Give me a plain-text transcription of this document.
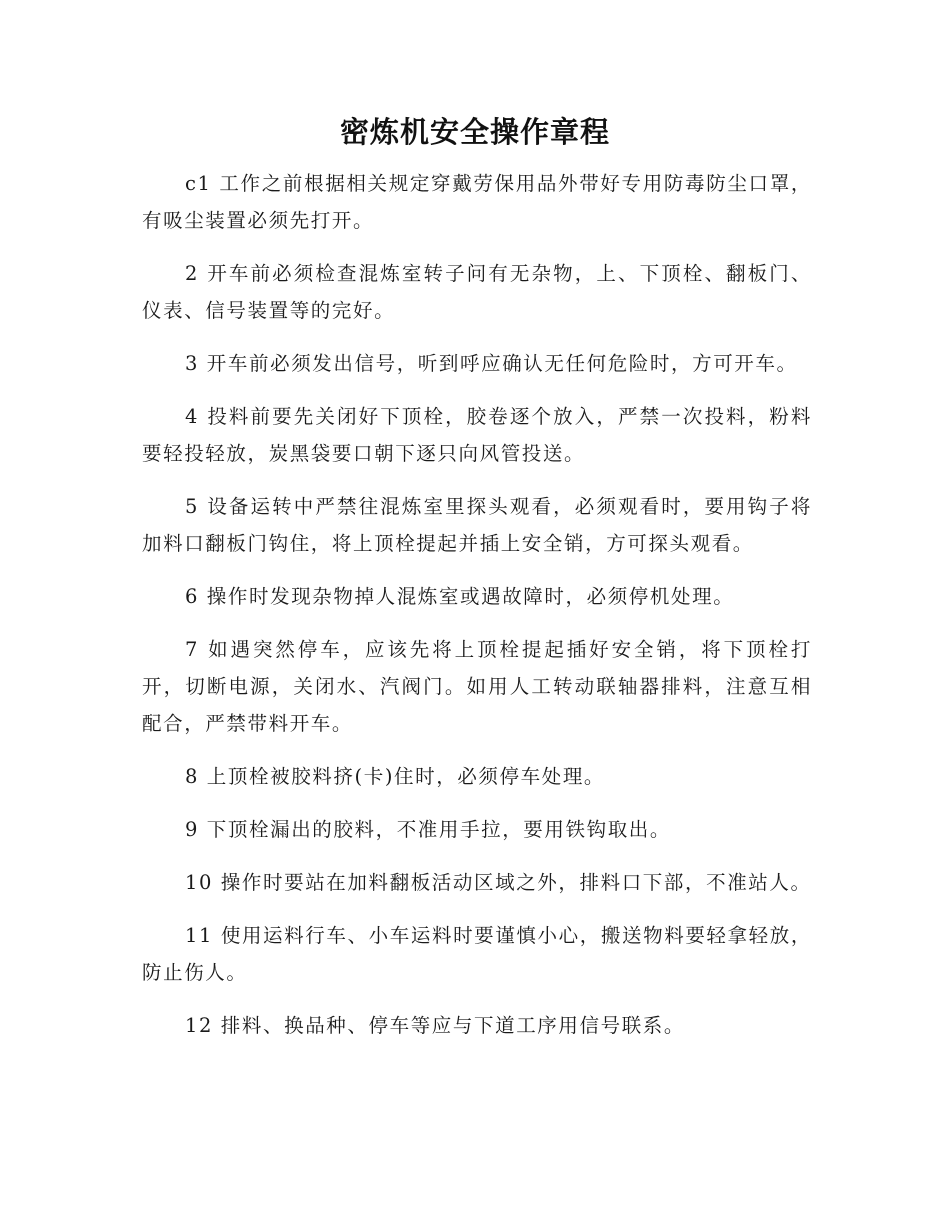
密炼机安全操作章程

c1 工作之前根据相关规定穿戴劳保用品外带好专用防毒防尘口罩，有吸尘装置必须先打开。

2 开车前必须检查混炼室转子问有无杂物，上、下顶栓、翻板门、仪表、信号装置等的完好。

3 开车前必须发出信号，听到呼应确认无任何危险时，方可开车。

4 投料前要先关闭好下顶栓，胶卷逐个放入，严禁一次投料，粉料要轻投轻放，炭黑袋要口朝下逐只向风管投送。

5 设备运转中严禁往混炼室里探头观看，必须观看时，要用钩子将加料口翻板门钩住，将上顶栓提起并插上安全销，方可探头观看。

6 操作时发现杂物掉人混炼室或遇故障时，必须停机处理。

7 如遇突然停车，应该先将上顶栓提起插好安全销，将下顶栓打开，切断电源，关闭水、汽阀门。如用人工转动联轴器排料，注意互相配合，严禁带料开车。

8 上顶栓被胶料挤(卡)住时，必须停车处理。

9 下顶栓漏出的胶料，不准用手拉，要用铁钩取出。

10 操作时要站在加料翻板活动区域之外，排料口下部，不准站人。

11 使用运料行车、小车运料时要谨慎小心，搬送物料要轻拿轻放，防止伤人。

12 排料、换品种、停车等应与下道工序用信号联系。
